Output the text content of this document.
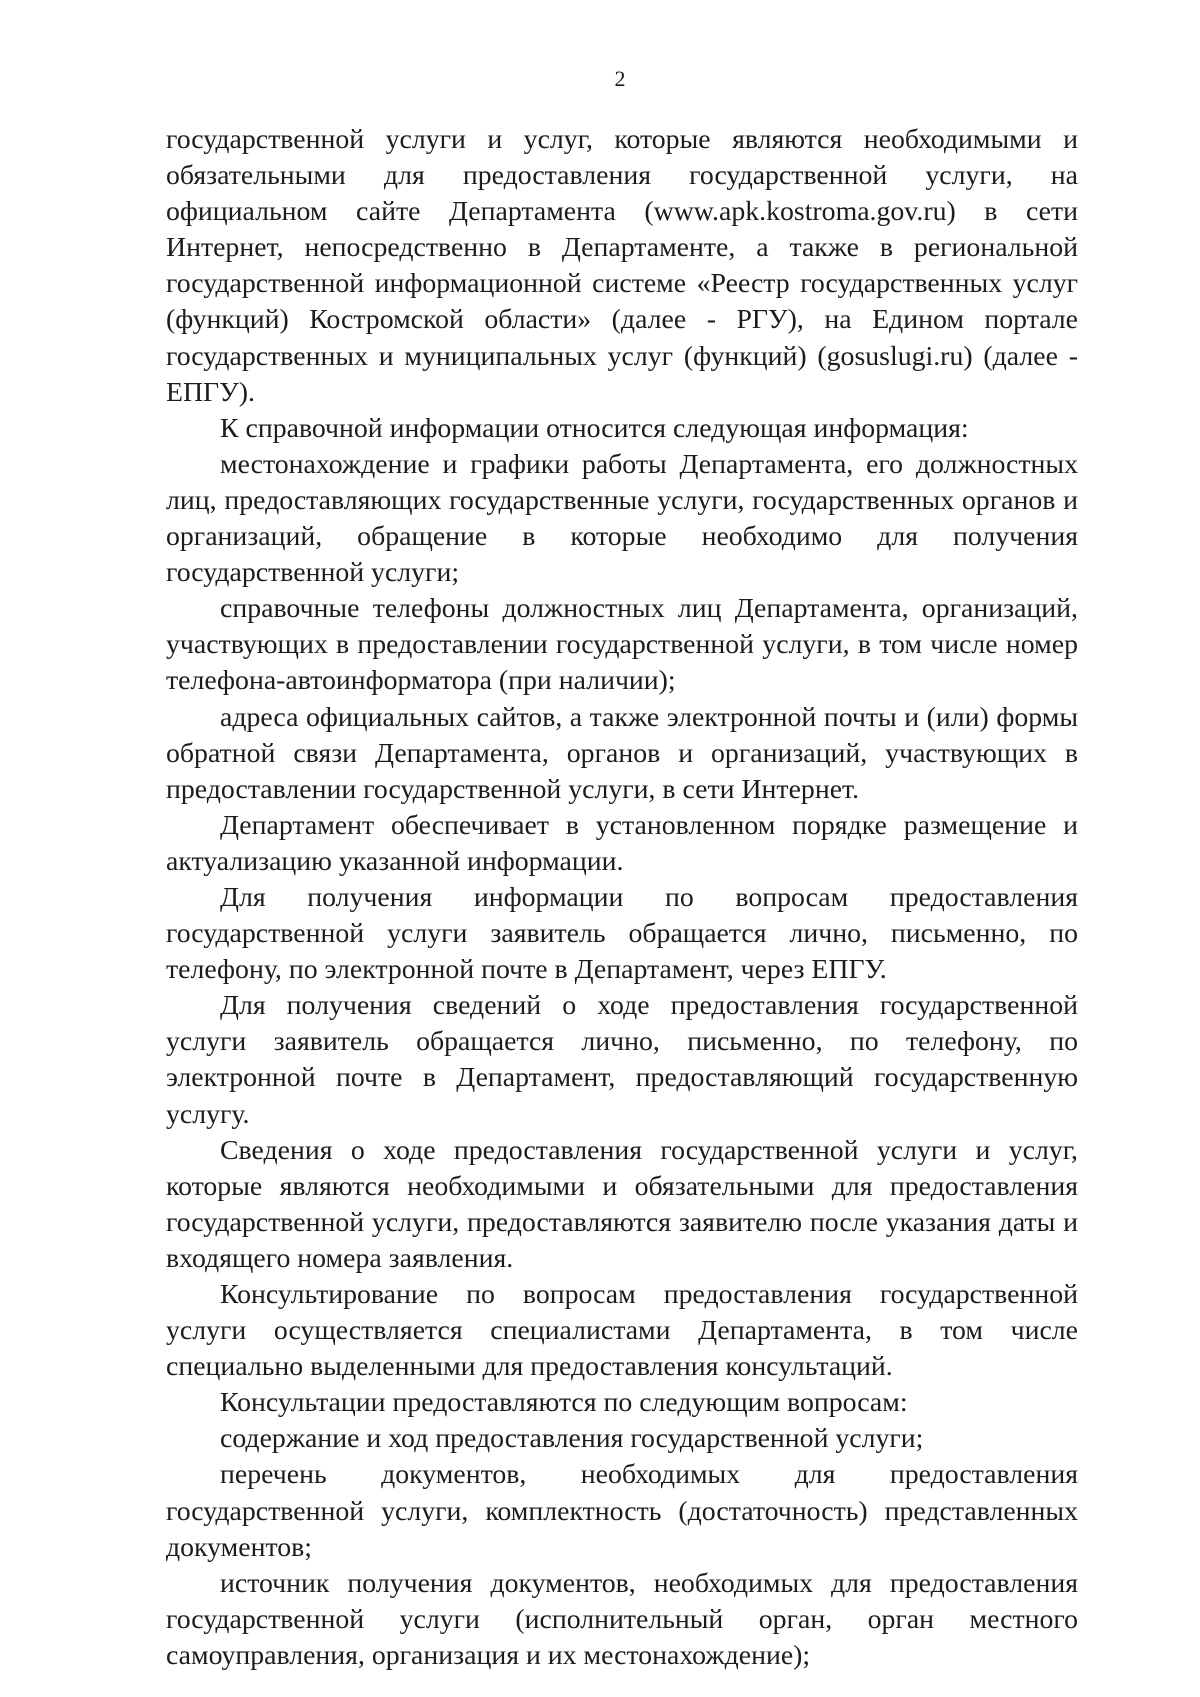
2

государственной услуги и услуг, которые являются необходимыми и обязательными для предоставления государственной услуги, на официальном сайте Департамента (www.apk.kostroma.gov.ru) в сети Интернет, непосредственно в Департаменте, а также в региональной государственной информационной системе «Реестр государственных услуг (функций) Костромской области» (далее - РГУ), на Едином портале государственных и муниципальных услуг (функций) (gosuslugi.ru) (далее - ЕПГУ).

К справочной информации относится следующая информация:

местонахождение и графики работы Департамента, его должностных лиц, предоставляющих государственные услуги, государственных органов и организаций, обращение в которые необходимо для получения государственной услуги;

справочные телефоны должностных лиц Департамента, организаций, участвующих в предоставлении государственной услуги, в том числе номер телефона-автоинформатора (при наличии);

адреса официальных сайтов, а также электронной почты и (или) формы обратной связи Департамента, органов и организаций, участвующих в предоставлении государственной услуги, в сети Интернет.

Департамент обеспечивает в установленном порядке размещение и актуализацию указанной информации.

Для получения информации по вопросам предоставления государственной услуги заявитель обращается лично, письменно, по телефону, по электронной почте в Департамент, через ЕПГУ.

Для получения сведений о ходе предоставления государственной услуги заявитель обращается лично, письменно, по телефону, по электронной почте в Департамент, предоставляющий государственную услугу.

Сведения о ходе предоставления государственной услуги и услуг, которые являются необходимыми и обязательными для предоставления государственной услуги, предоставляются заявителю после указания даты и входящего номера заявления.

Консультирование по вопросам предоставления государственной услуги осуществляется специалистами Департамента, в том числе специально выделенными для предоставления консультаций.

Консультации предоставляются по следующим вопросам:

содержание и ход предоставления государственной услуги;

перечень документов, необходимых для предоставления государственной услуги, комплектность (достаточность) представленных документов;

источник получения документов, необходимых для предоставления государственной услуги (исполнительный орган, орган местного самоуправления, организация и их местонахождение);
